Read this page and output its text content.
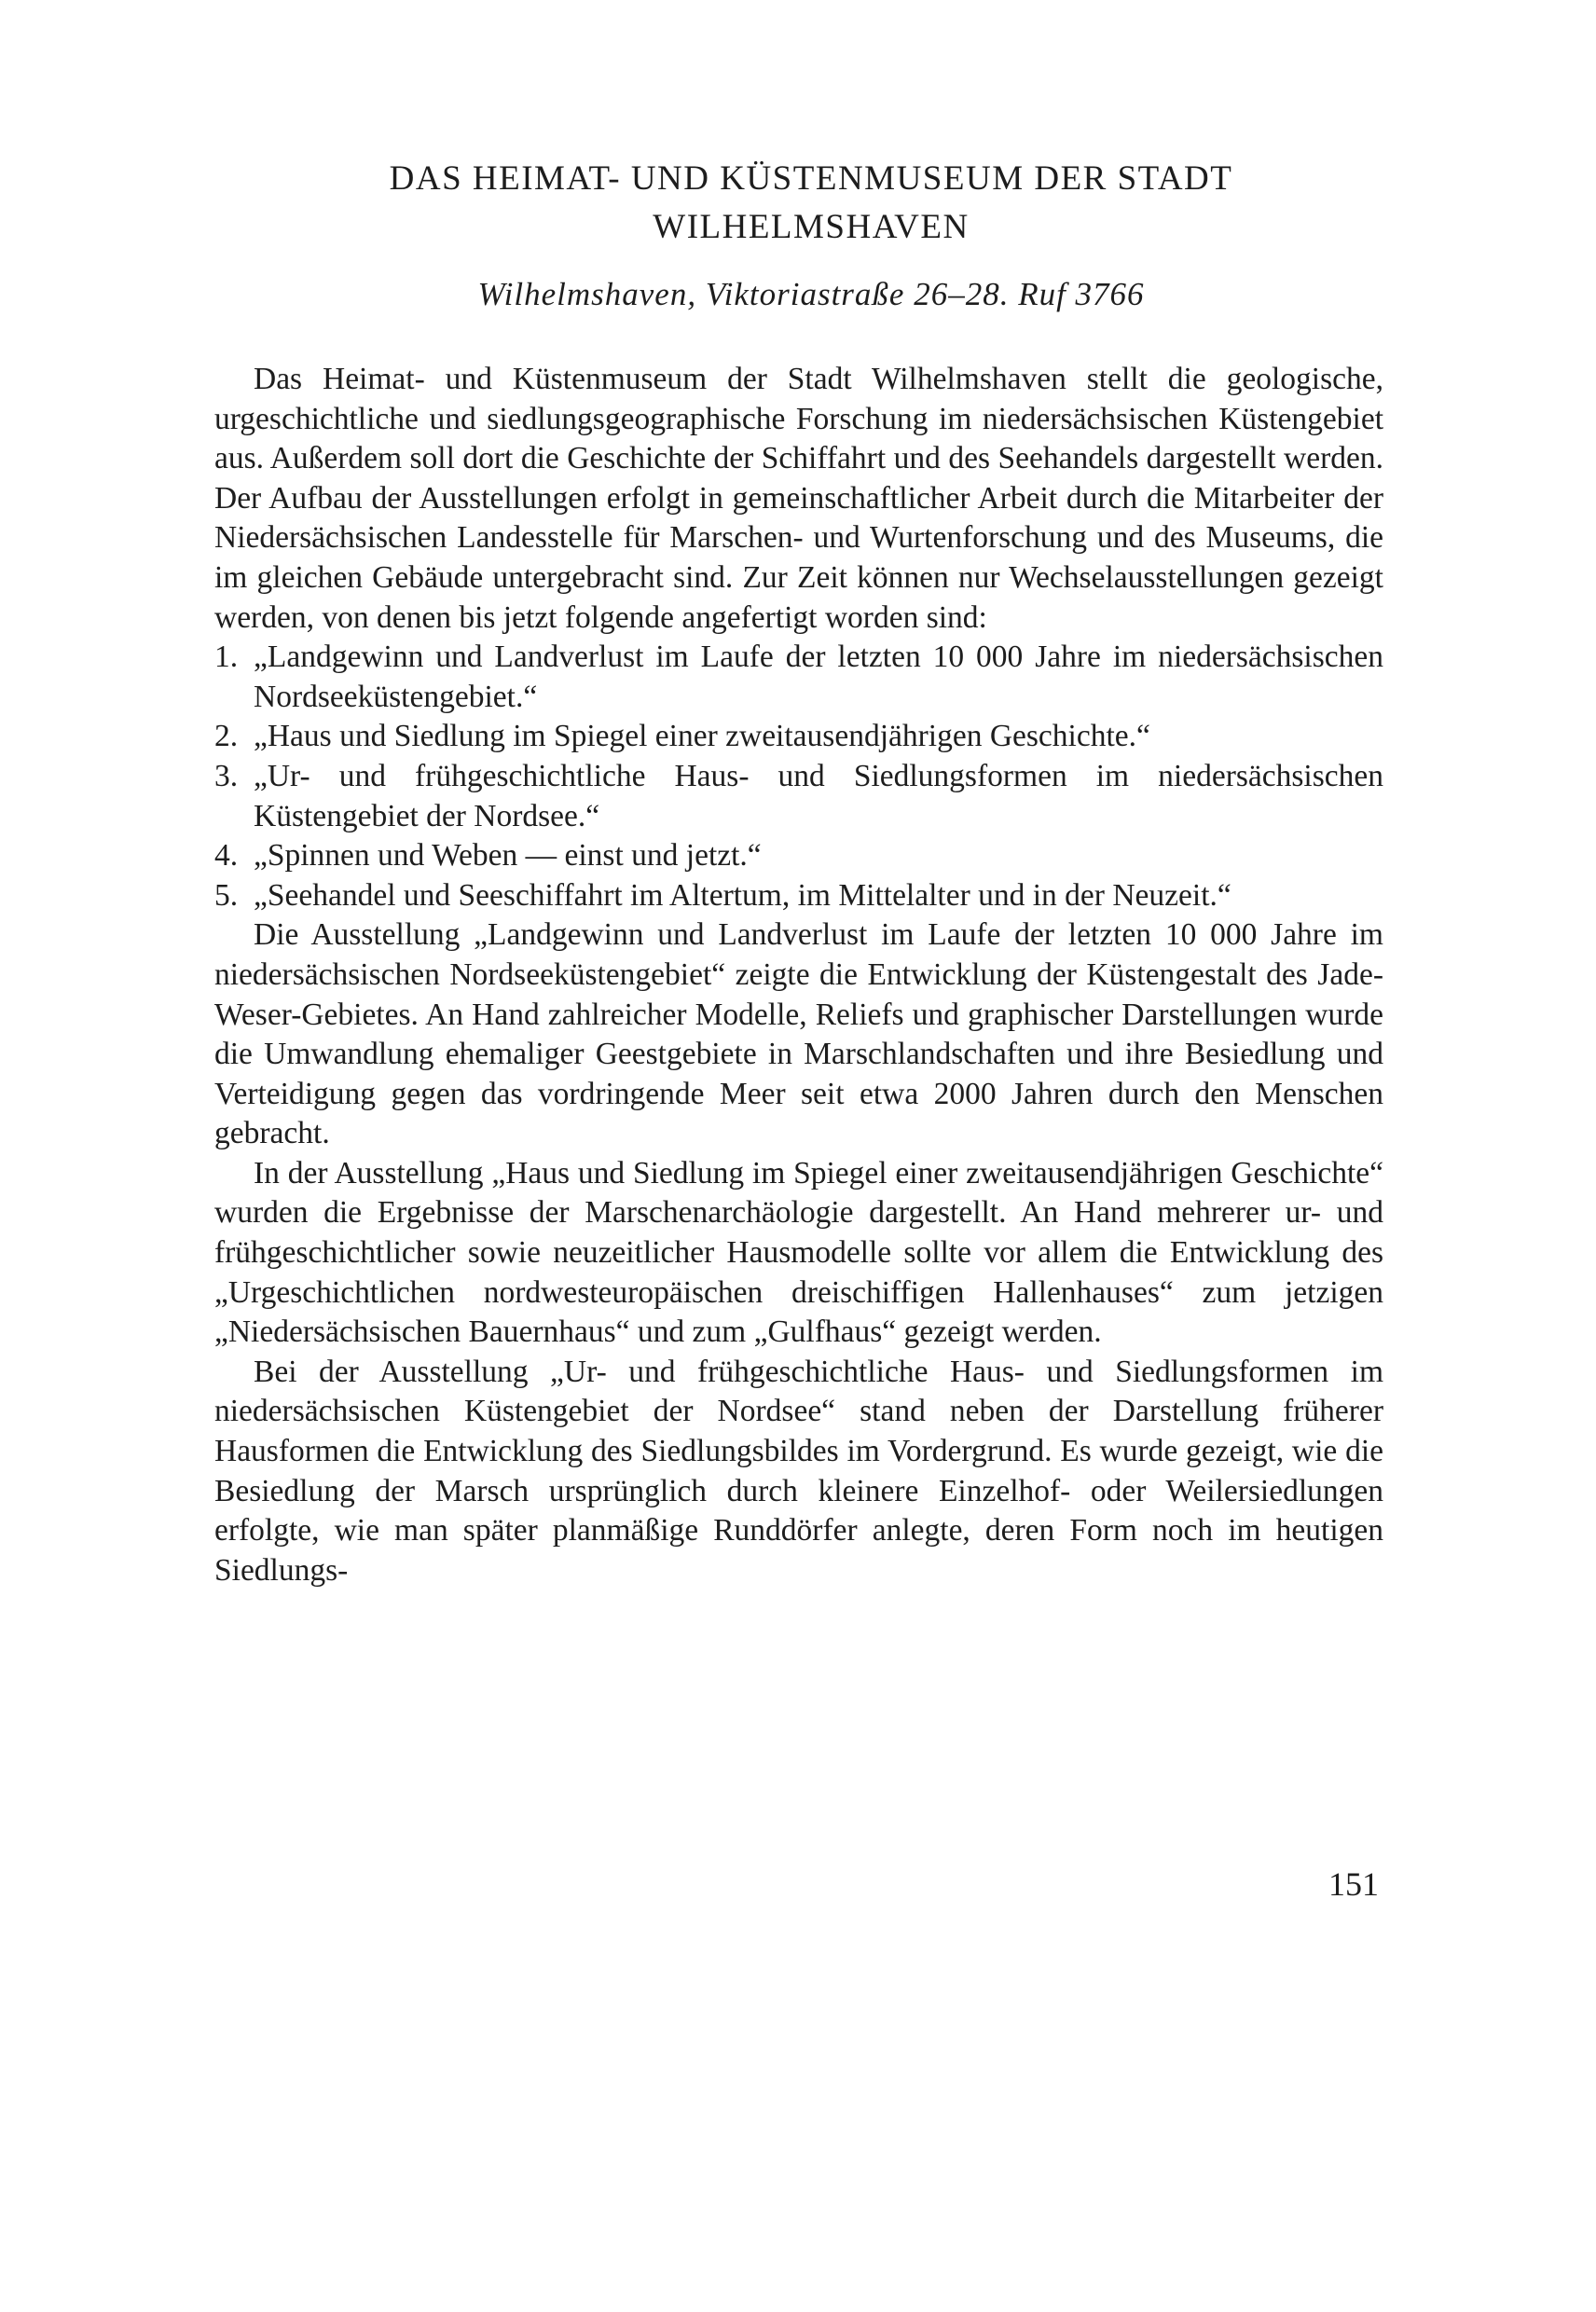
DAS HEIMAT- UND KÜSTENMUSEUM DER STADT
WILHELMSHAVEN

Wilhelmshaven, Viktoriastraße 26–28. Ruf 3766

Das Heimat- und Küstenmuseum der Stadt Wilhelmshaven stellt die geologische, urgeschichtliche und siedlungsgeographische Forschung im niedersächsischen Küstengebiet aus. Außerdem soll dort die Geschichte der Schiffahrt und des Seehandels dargestellt werden. Der Aufbau der Ausstellungen erfolgt in gemeinschaftlicher Arbeit durch die Mitarbeiter der Niedersächsischen Landesstelle für Marschen- und Wurtenforschung und des Museums, die im gleichen Gebäude untergebracht sind. Zur Zeit können nur Wechselausstellungen gezeigt werden, von denen bis jetzt folgende angefertigt worden sind:

1. „Landgewinn und Landverlust im Laufe der letzten 10 000 Jahre im niedersächsischen Nordseeküstengebiet.“
2. „Haus und Siedlung im Spiegel einer zweitausendjährigen Geschichte.“
3. „Ur- und frühgeschichtliche Haus- und Siedlungsformen im niedersächsischen Küstengebiet der Nordsee.“
4. „Spinnen und Weben — einst und jetzt.“
5. „Seehandel und Seeschiffahrt im Altertum, im Mittelalter und in der Neuzeit.“

Die Ausstellung „Landgewinn und Landverlust im Laufe der letzten 10 000 Jahre im niedersächsischen Nordseeküstengebiet“ zeigte die Entwicklung der Küstengestalt des Jade-Weser-Gebietes. An Hand zahlreicher Modelle, Reliefs und graphischer Darstellungen wurde die Umwandlung ehemaliger Geestgebiete in Marschlandschaften und ihre Besiedlung und Verteidigung gegen das vordringende Meer seit etwa 2000 Jahren durch den Menschen gebracht.

In der Ausstellung „Haus und Siedlung im Spiegel einer zweitausendjährigen Geschichte“ wurden die Ergebnisse der Marschenarchäologie dargestellt. An Hand mehrerer ur- und frühgeschichtlicher sowie neuzeitlicher Hausmodelle sollte vor allem die Entwicklung des „Urgeschichtlichen nordwesteuropäischen dreischiffigen Hallenhauses“ zum jetzigen „Niedersächsischen Bauernhaus“ und zum „Gulfhaus“ gezeigt werden.

Bei der Ausstellung „Ur- und frühgeschichtliche Haus- und Siedlungsformen im niedersächsischen Küstengebiet der Nordsee“ stand neben der Darstellung früherer Hausformen die Entwicklung des Siedlungsbildes im Vordergrund. Es wurde gezeigt, wie die Besiedlung der Marsch ursprünglich durch kleinere Einzelhof- oder Weilersiedlungen erfolgte, wie man später planmäßige Runddörfer anlegte, deren Form noch im heutigen Siedlungs-

151
